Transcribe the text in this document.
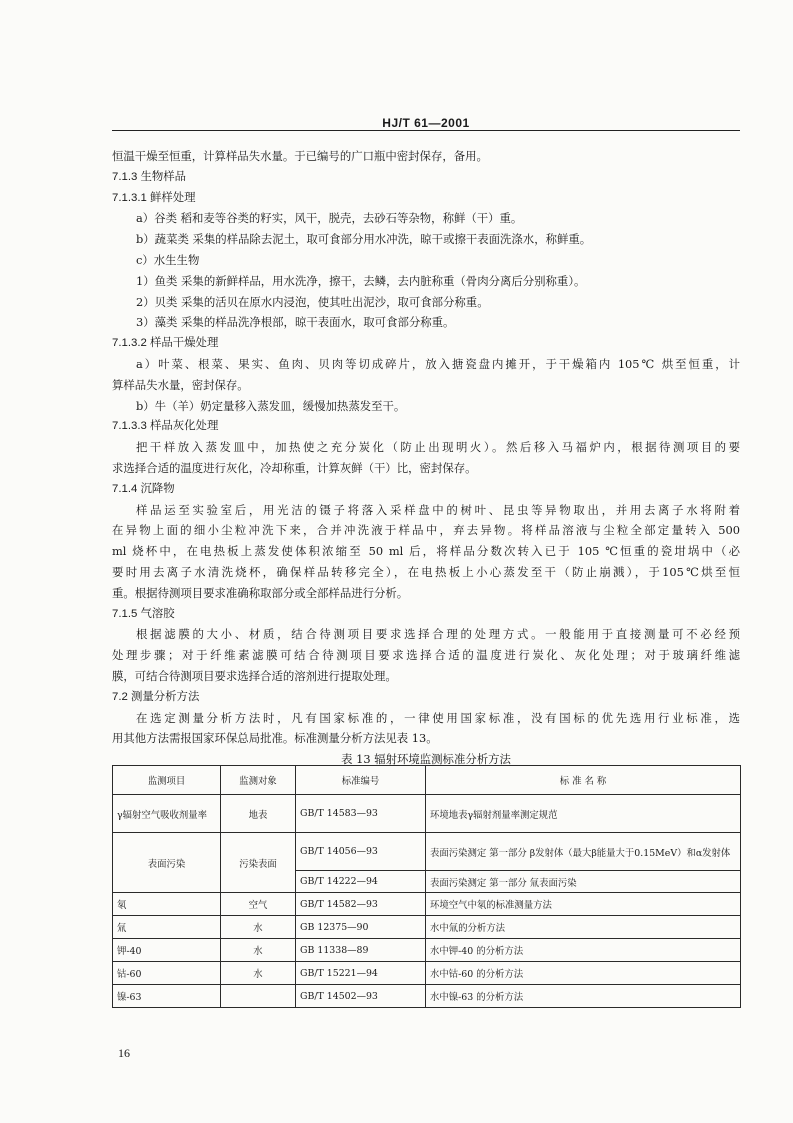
HJ/T 61—2001
恒温干燥至恒重，计算样品失水量。于已编号的广口瓶中密封保存，备用。
7.1.3 生物样品
7.1.3.1 鲜样处理
a）谷类 稻和麦等谷类的籽实，风干，脱壳，去砂石等杂物，称鲜（干）重。
b）蔬菜类 采集的样品除去泥土，取可食部分用水冲洗，晾干或擦干表面洗涤水，称鲜重。
c）水生生物
1）鱼类 采集的新鲜样品，用水洗净，擦干，去鳞，去内脏称重（骨肉分离后分别称重）。
2）贝类 采集的活贝在原水内浸泡，使其吐出泥沙，取可食部分称重。
3）藻类 采集的样品洗净根部，晾干表面水，取可食部分称重。
7.1.3.2 样品干燥处理
a）叶菜、根菜、果实、鱼肉、贝肉等切成碎片，放入搪瓷盘内摊开，于干燥箱内 105℃ 烘至恒重，计
算样品失水量，密封保存。
b）牛（羊）奶定量移入蒸发皿，缓慢加热蒸发至干。
7.1.3.3 样品灰化处理
把干样放入蒸发皿中，加热使之充分炭化（防止出现明火）。然后移入马福炉内，根据待测项目的要
求选择合适的温度进行灰化，冷却称重，计算灰鲜（干）比，密封保存。
7.1.4 沉降物
样品运至实验室后，用光洁的镊子将落入采样盘中的树叶、昆虫等异物取出，并用去离子水将附着
在异物上面的细小尘粒冲洗下来，合并冲洗液于样品中，弃去异物。将样品溶液与尘粒全部定量转入 500
ml 烧杯中，在电热板上蒸发使体积浓缩至 50 ml 后，将样品分数次转入已于 105 ℃恒重的瓷坩埚中（必
要时用去离子水清洗烧杯，确保样品转移完全），在电热板上小心蒸发至干（防止崩溅），于105℃烘至恒
重。根据待测项目要求准确称取部分或全部样品进行分析。
7.1.5 气溶胶
根据滤膜的大小、材质，结合待测项目要求选择合理的处理方式。一般能用于直接测量可不必经预
处理步骤；对于纤维素滤膜可结合待测项目要求选择合适的温度进行炭化、灰化处理；对于玻璃纤维滤
膜，可结合待测项目要求选择合适的溶剂进行提取处理。
7.2 测量分析方法
在选定测量分析方法时，凡有国家标准的，一律使用国家标准，没有国标的优先选用行业标准，选
用其他方法需报国家环保总局批准。标准测量分析方法见表 13。
表 13 辐射环境监测标准分析方法
监测项目	监测对象	标准编号	标 准 名 称
γ辐射空气吸收剂量率	地表	GB/T 14583—93	环境地表γ辐射剂量率测定规范
表面污染	污染表面	GB/T 14056—93	表面污染测定 第一部分 β发射体（最大β能量大于0.15MeV）和α发射体
		GB/T 14222—94	表面污染测定 第一部分 氚表面污染
氡	空气	GB/T 14582—93	环境空气中氡的标准测量方法
氚	水	GB 12375—90	水中氚的分析方法
钾-40	水	GB 11338—89	水中钾-40 的分析方法
钴-60	水	GB/T 15221—94	水中钴-60 的分析方法
镍-63		GB/T 14502—93	水中镍-63 的分析方法
16
